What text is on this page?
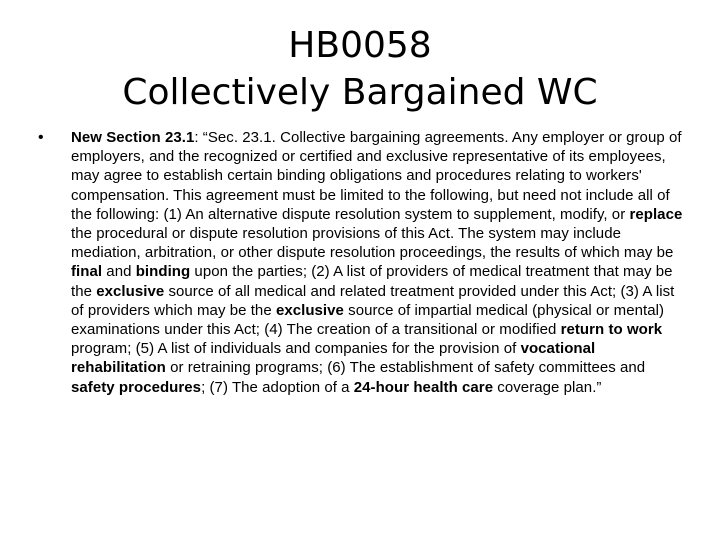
HB0058
Collectively Bargained WC
• New Section 23.1: “Sec. 23.1. Collective bargaining agreements. Any employer or group of employers, and the recognized or certified and exclusive representative of its employees, may agree to establish certain binding obligations and procedures relating to workers' compensation. This agreement must be limited to the following, but need not include all of the following: (1) An alternative dispute resolution system to supplement, modify, or replace the procedural or dispute resolution provisions of this Act. The system may include mediation, arbitration, or other dispute resolution proceedings, the results of which may be final and binding upon the parties; (2) A list of providers of medical treatment that may be the exclusive source of all medical and related treatment provided under this Act; (3) A list of providers which may be the exclusive source of impartial medical (physical or mental) examinations under this Act; (4) The creation of a transitional or modified return to work program; (5) A list of individuals and companies for the provision of vocational rehabilitation or retraining programs; (6) The establishment of safety committees and safety procedures; (7) The adoption of a 24-hour health care coverage plan.”
